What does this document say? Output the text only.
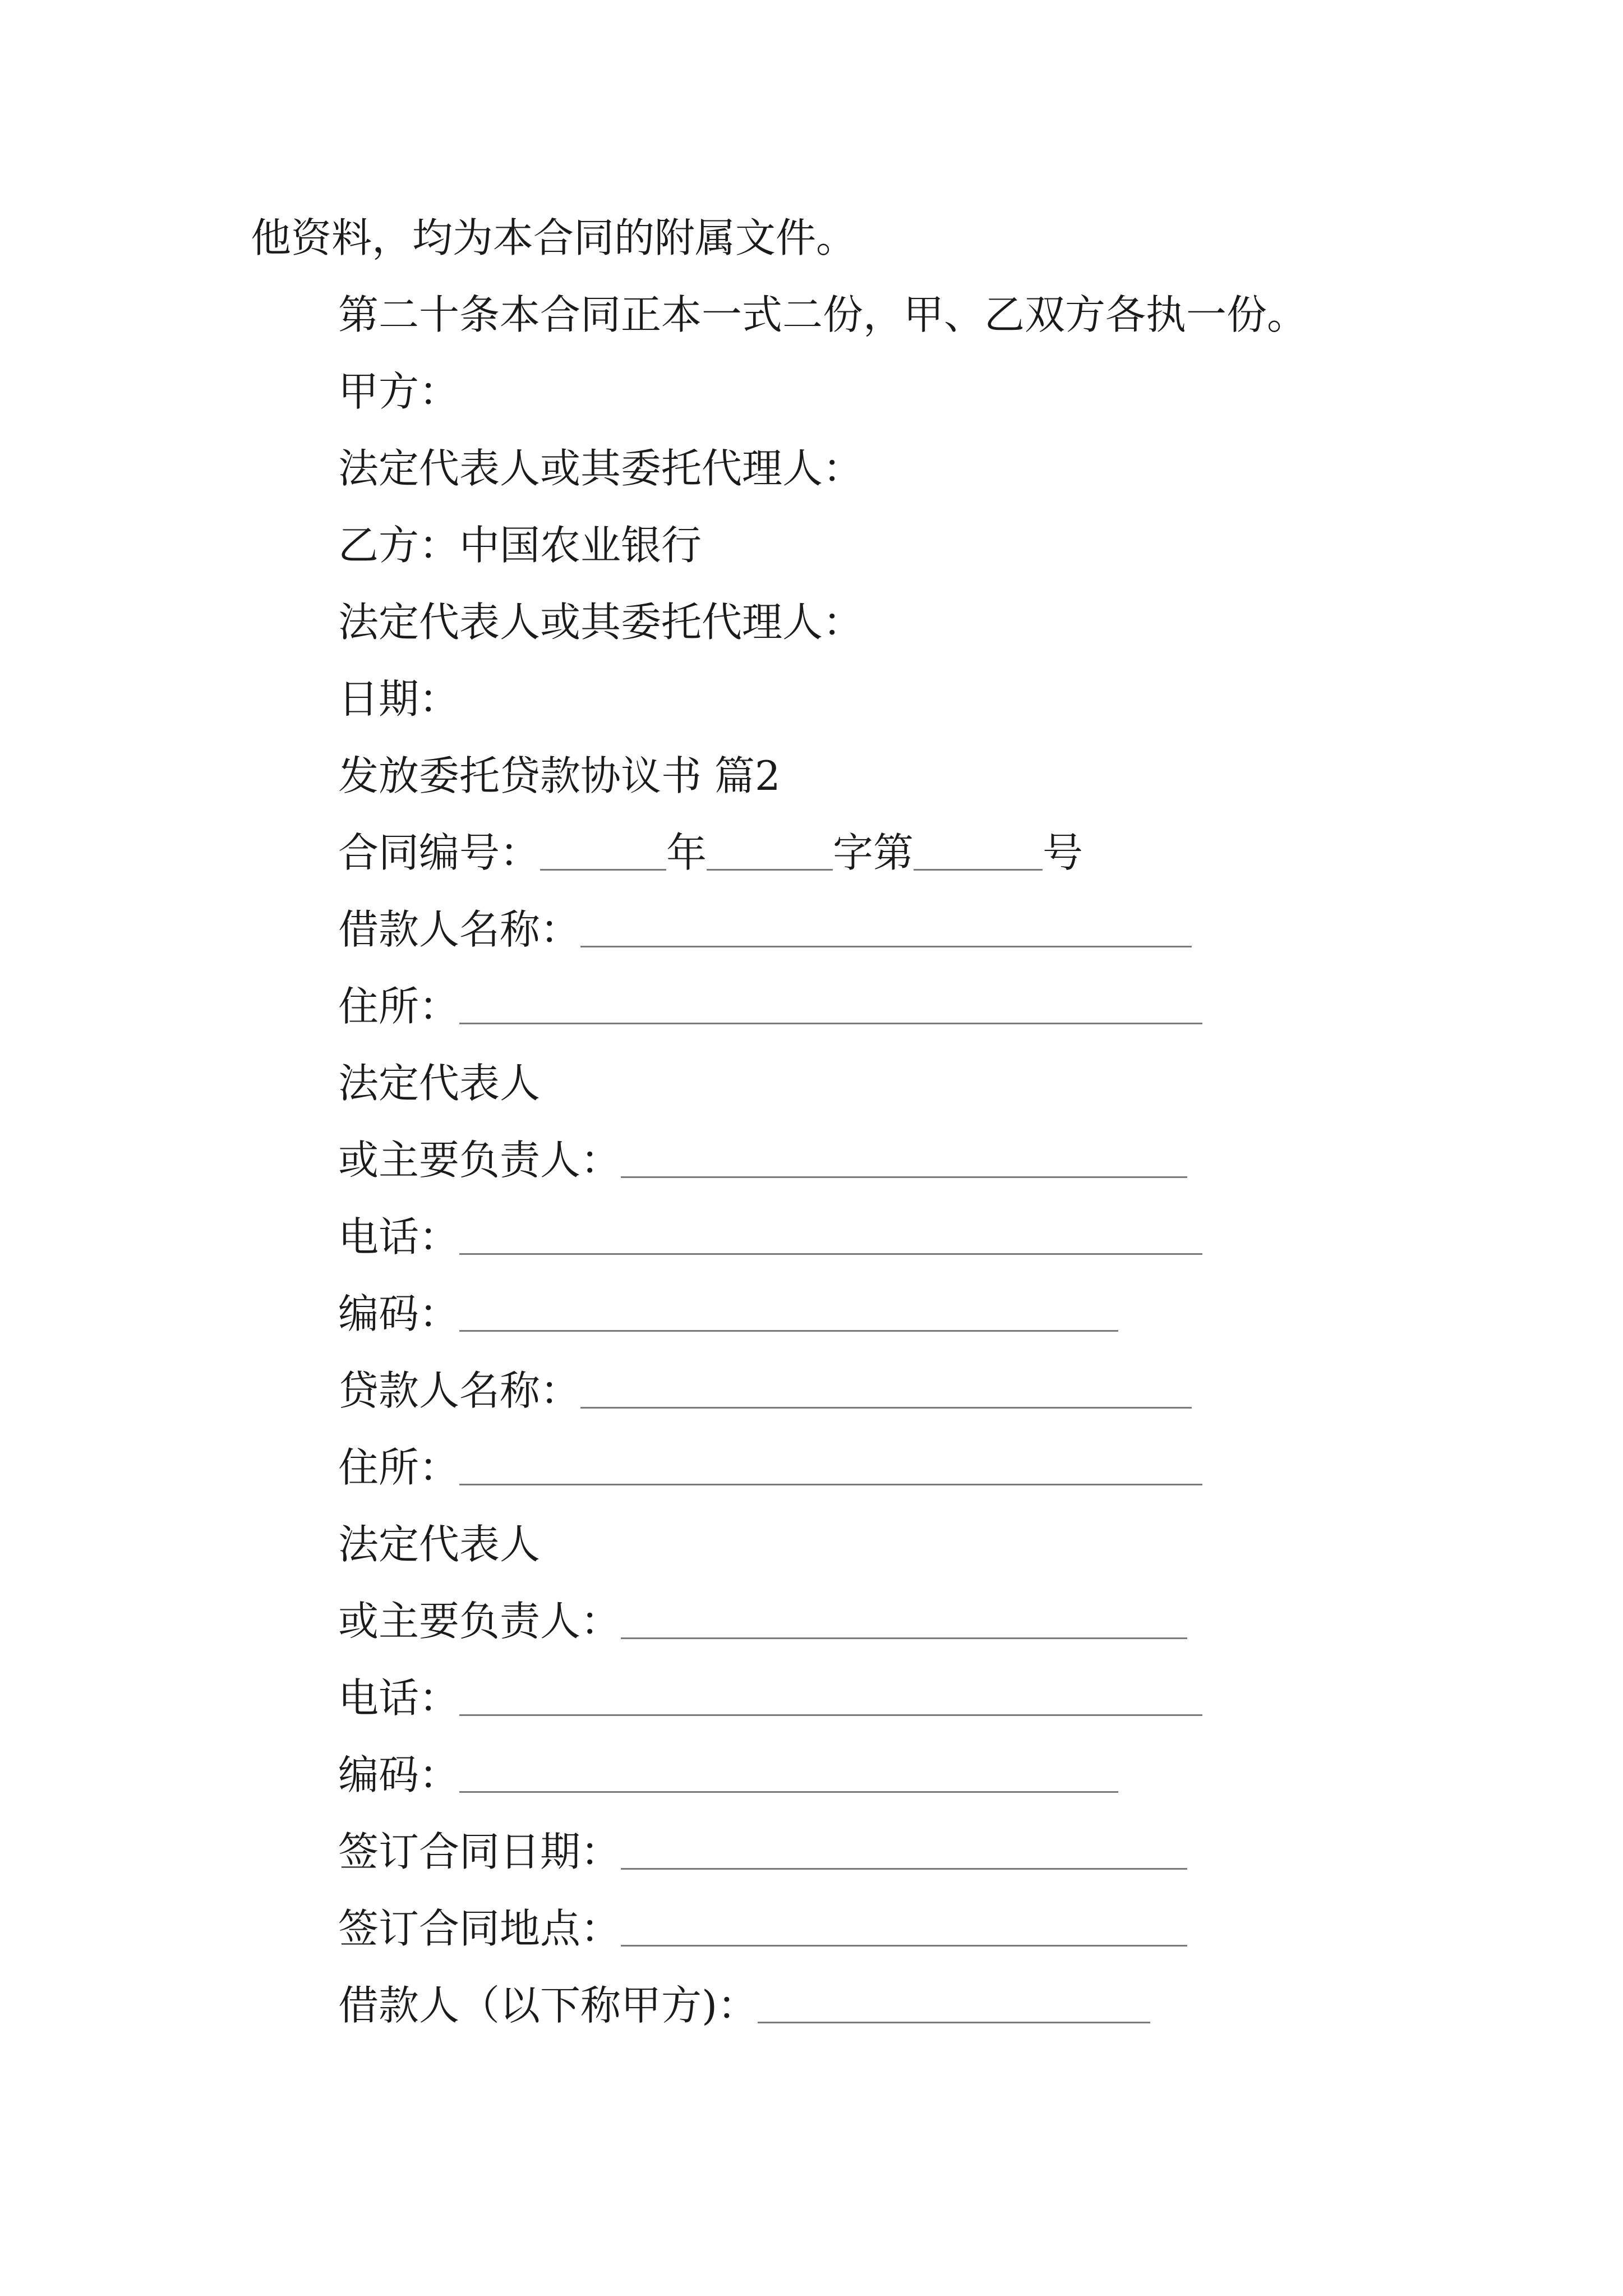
他资料，均为本合同的附属文件。
第二十条本合同正本一式二份，甲、乙双方各执一份。
甲方：
法定代表人或其委托代理人：
乙方：中国农业银行
法定代表人或其委托代理人：
日期：
发放委托贷款协议书 篇2
合同编号：	年	字第	号
借款人名称：
住所：
法定代表人
或主要负责人：
电话：
编码：
贷款人名称：
住所：
法定代表人
或主要负责人：
电话：
编码：
签订合同日期：
签订合同地点：
借款人（以下称甲方)：
